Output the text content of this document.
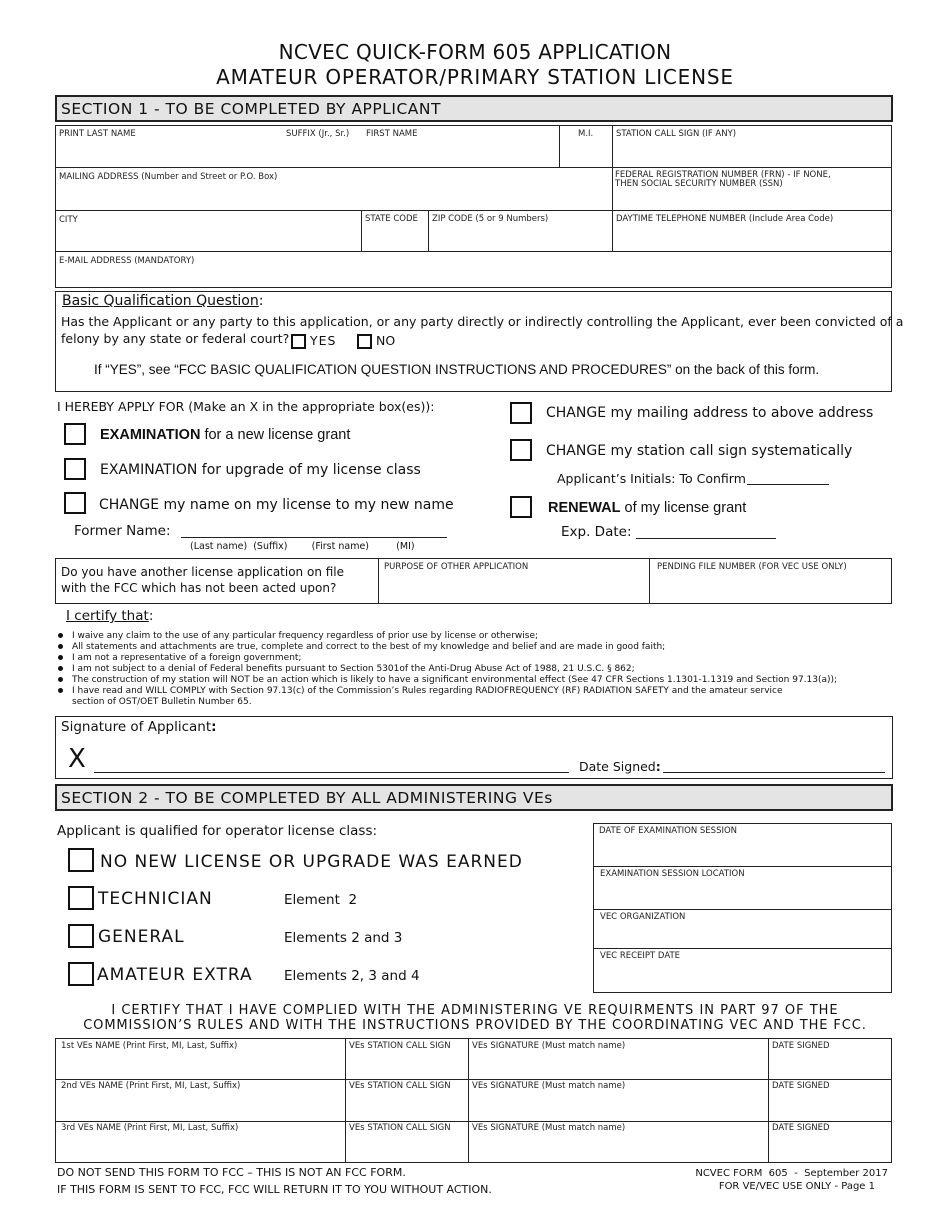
NCVEC QUICK-FORM 605 APPLICATION
AMATEUR OPERATOR/PRIMARY STATION LICENSE
SECTION 1 - TO BE COMPLETED BY APPLICANT
PRINT LAST NAME	SUFFIX (Jr., Sr.) FIRST NAME	M.I.	STATION CALL SIGN (IF ANY)
MAILING ADDRESS (Number and Street or P.O. Box)	FEDERAL REGISTRATION NUMBER (FRN) - IF NONE,
THEN SOCIAL SECURITY NUMBER (SSN)
CITY	STATE CODE ZIP CODE (5 or 9 Numbers)	DAYTIME TELEPHONE NUMBER (Include Area Code)
E-MAIL ADDRESS (MANDATORY)
Basic Qualification Question:
Has the Applicant or any party to this application, or any party directly or indirectly controlling the Applicant, ever been convicted of a
felony by any state or federal court? YES	NO
If “YES”, see “FCC BASIC QUALIFICATION QUESTION INSTRUCTIONS AND PROCEDURES” on the back of this form.
I HEREBY APPLY FOR (Make an X in the appropriate box(es)):
EXAMINATION for a new license grant
EXAMINATION for upgrade of my license class
CHANGE my name on my license to my new name
Former Name:
(Last name)  (Suffix)        (First name)         (MI)
CHANGE my mailing address to above address
CHANGE my station call sign systematically
Applicant’s Initials: To Confirm
RENEWAL of my license grant
Exp. Date:
Do you have another license application on file
with the FCC which has not been acted upon?
PURPOSE OF OTHER APPLICATION	PENDING FILE NUMBER (FOR VEC USE ONLY)
I certify that:
I waive any claim to the use of any particular frequency regardless of prior use by license or otherwise;
All statements and attachments are true, complete and correct to the best of my knowledge and belief and are made in good faith;
I am not a representative of a foreign government;
I am not subject to a denial of Federal benefits pursuant to Section 5301of the Anti-Drug Abuse Act of 1988, 21 U.S.C. § 862;
The construction of my station will NOT be an action which is likely to have a significant environmental effect (See 47 CFR Sections 1.1301-1.1319 and Section 97.13(a));
I have read and WILL COMPLY with Section 97.13(c) of the Commission’s Rules regarding RADIOFREQUENCY (RF) RADIATION SAFETY and the amateur service
section of OST/OET Bulletin Number 65.
Signature of Applicant:
X	Date Signed:
SECTION 2 - TO BE COMPLETED BY ALL ADMINISTERING VEs
Applicant is qualified for operator license class:
NO NEW LICENSE OR UPGRADE WAS EARNED
TECHNICIAN	Element  2
GENERAL	Elements 2 and 3
AMATEUR EXTRA Elements 2, 3 and 4
DATE OF EXAMINATION SESSION
EXAMINATION SESSION LOCATION
VEC ORGANIZATION
VEC RECEIPT DATE
I CERTIFY THAT I HAVE COMPLIED WITH THE ADMINISTERING VE REQUIRMENTS IN PART 97 OF THE
COMMISSION’S RULES AND WITH THE INSTRUCTIONS PROVIDED BY THE COORDINATING VEC AND THE FCC.
1st VEs NAME (Print First, MI, Last, Suffix)	VEs STATION CALL SIGN	VEs SIGNATURE (Must match name)	DATE SIGNED
2nd VEs NAME (Print First, MI, Last, Suffix)	VEs STATION CALL SIGN	VEs SIGNATURE (Must match name)	DATE SIGNED
3rd VEs NAME (Print First, MI, Last, Suffix)	VEs STATION CALL SIGN	VEs SIGNATURE (Must match name)	DATE SIGNED
DO NOT SEND THIS FORM TO FCC – THIS IS NOT AN FCC FORM.
IF THIS FORM IS SENT TO FCC, FCC WILL RETURN IT TO YOU WITHOUT ACTION.
NCVEC FORM  605  -  September 2017
FOR VE/VEC USE ONLY - Page 1
